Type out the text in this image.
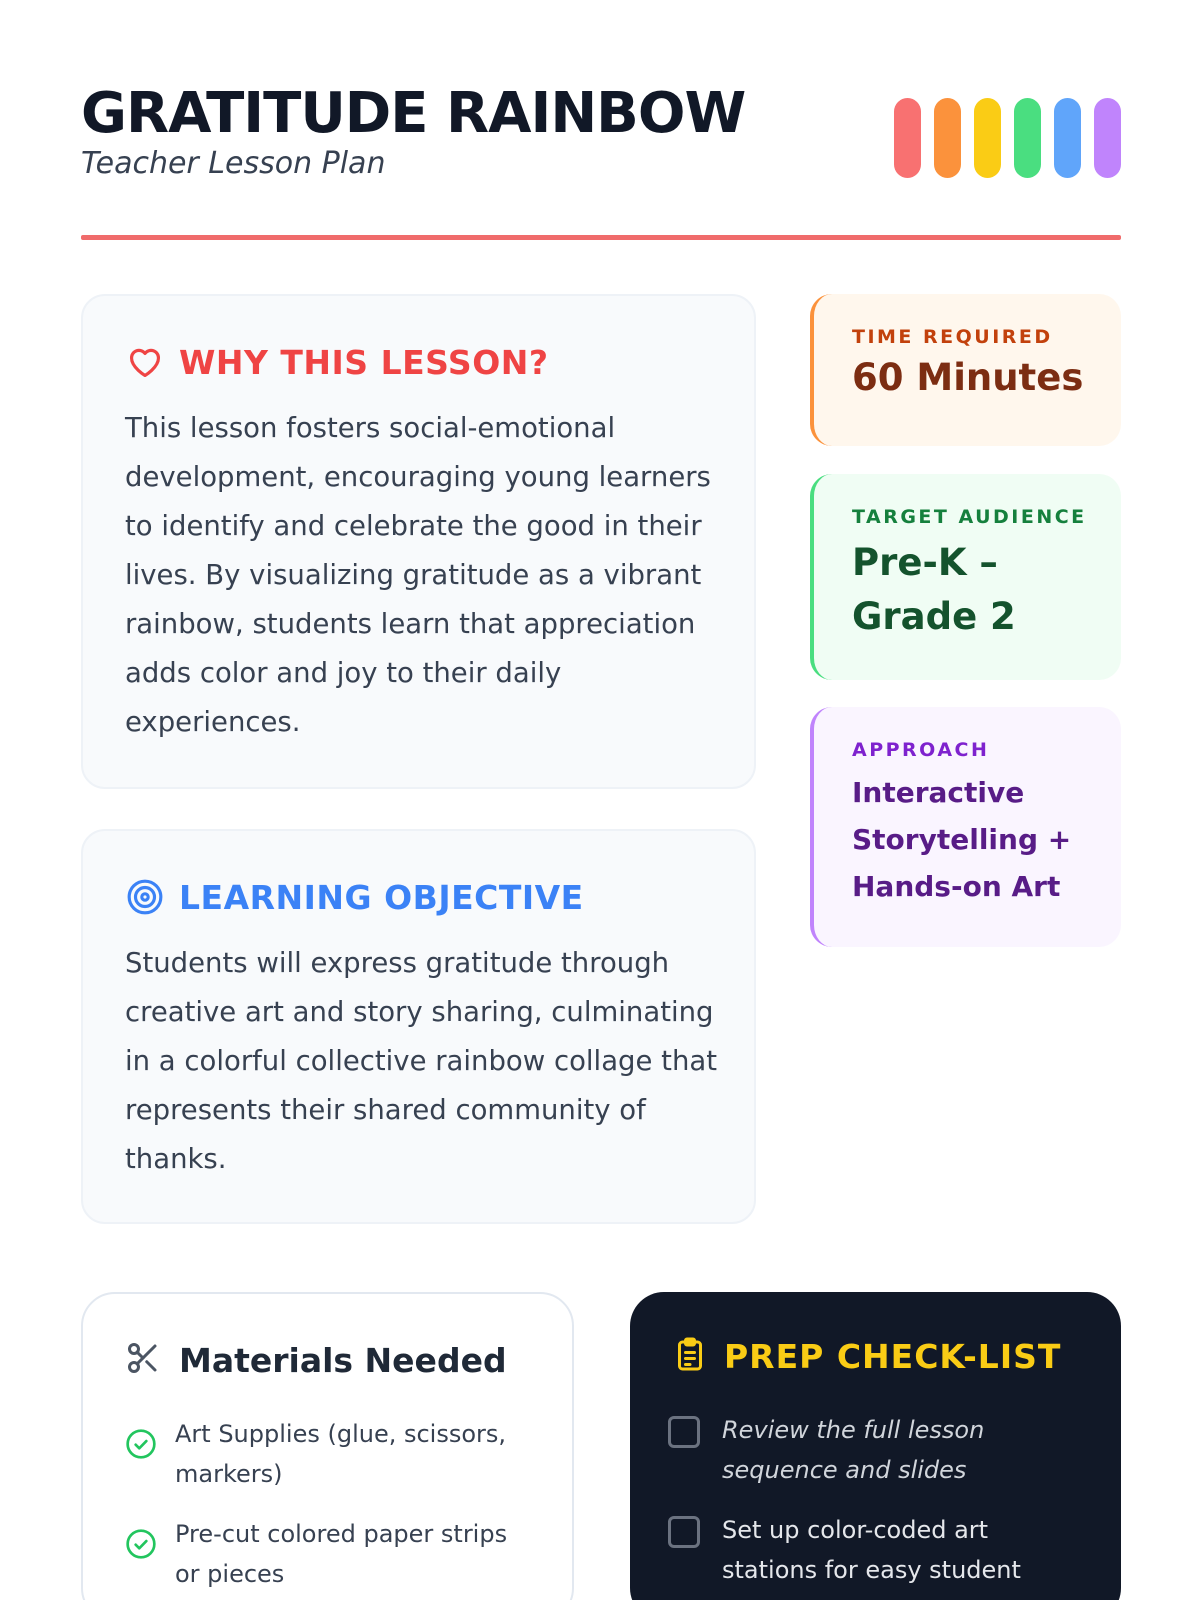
GRATITUDE RAINBOW
Teacher Lesson Plan
WHY THIS LESSON?

This lesson fosters social-emotional development, encouraging young learners to identify and celebrate the good in their lives. By visualizing gratitude as a vibrant rainbow, students learn that appreciation adds color and joy to their daily experiences.

LEARNING OBJECTIVE

Students will express gratitude through creative art and story sharing, culminating in a colorful collective rainbow collage that represents their shared community of thanks.

TIME REQUIRED
60 Minutes
TARGET AUDIENCE
Pre-K – Grade 2
APPROACH
Interactive Storytelling + Hands-on Art
Materials Needed
Art Supplies (glue, scissors, markers)
Pre-cut colored paper strips or pieces
PREP CHECK-LIST
Review the full lesson sequence and slides
Set up color-coded art stations for easy student
